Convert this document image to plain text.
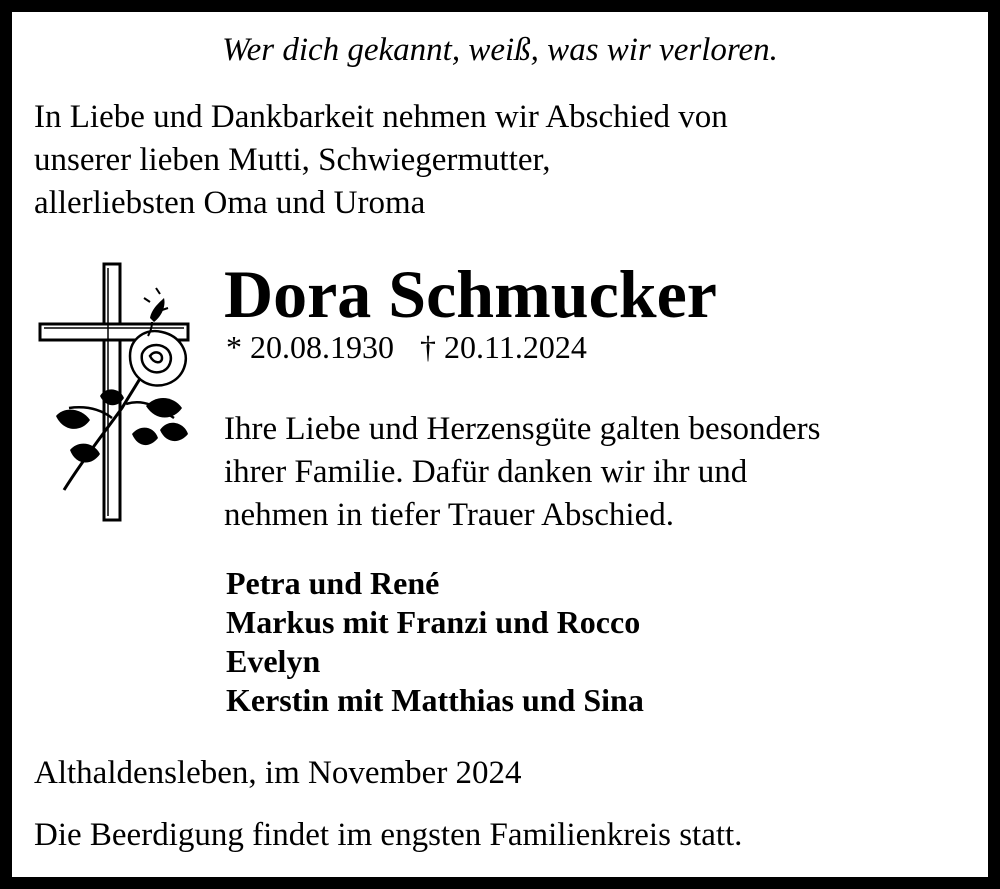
Wer dich gekannt, weiß, was wir verloren.
In Liebe und Dankbarkeit nehmen wir Abschied von
unserer lieben Mutti, Schwiegermutter,
allerliebsten Oma und Uroma
Dora Schmucker
* 20.08.1930 † 20.11.2024
Ihre Liebe und Herzensgüte galten besonders
ihrer Familie. Dafür danken wir ihr und
nehmen in tiefer Trauer Abschied.
Petra und René
Markus mit Franzi und Rocco
Evelyn
Kerstin mit Matthias und Sina
Althaldensleben, im November 2024
Die Beerdigung findet im engsten Familienkreis statt.
